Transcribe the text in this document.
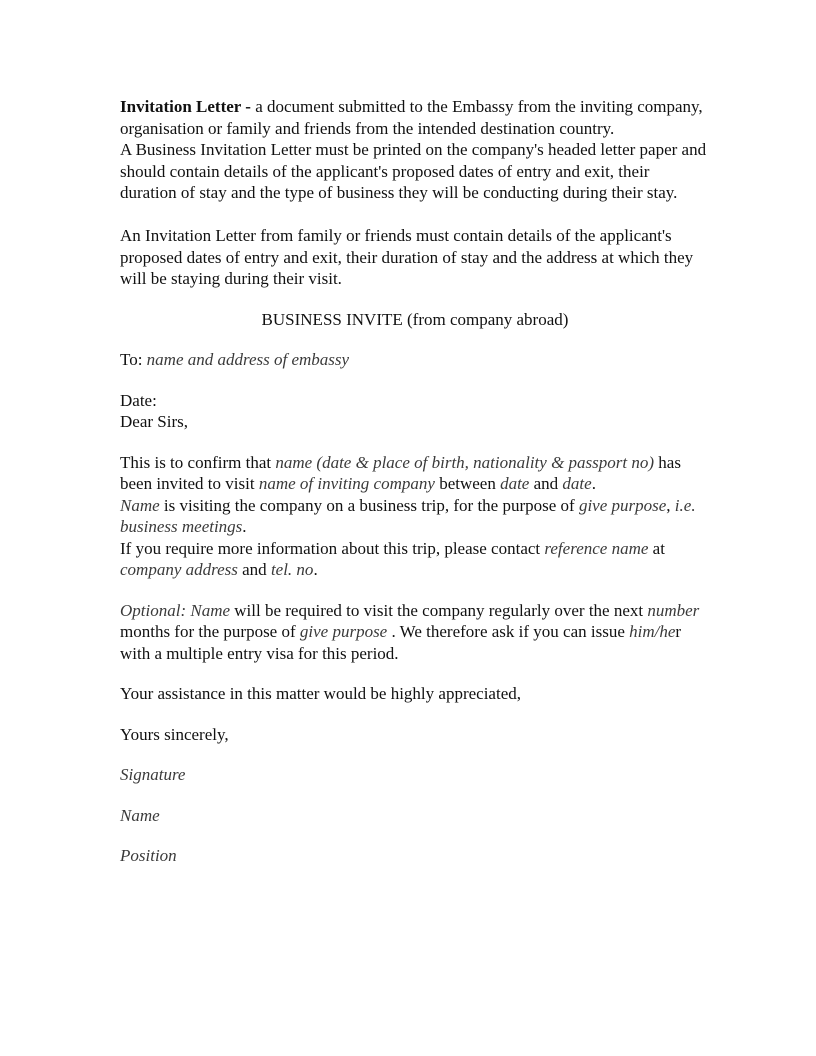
Invitation Letter - a document submitted to the Embassy from the inviting company, organisation or family and friends from the intended destination country.

A Business Invitation Letter must be printed on the company's headed letter paper and should contain details of the applicant's proposed dates of entry and exit, their duration of stay and the type of business they will be conducting during their stay.

An Invitation Letter from family or friends must contain details of the applicant's proposed dates of entry and exit, their duration of stay and the address at which they will be staying during their visit.

BUSINESS INVITE (from company abroad)

To: name and address of embassy

Date:

Dear Sirs,

This is to confirm that name (date & place of birth, nationality & passport no) has been invited to visit name of inviting company between date and date.

Name is visiting the company on a business trip, for the purpose of give purpose, i.e. business meetings.

If you require more information about this trip, please contact reference name at company address and tel. no.

Optional: Name will be required to visit the company regularly over the next number months for the purpose of give purpose . We therefore ask if you can issue him/her with a multiple entry visa for this period.

Your assistance in this matter would be highly appreciated,

Yours sincerely,

Signature

Name

Position
